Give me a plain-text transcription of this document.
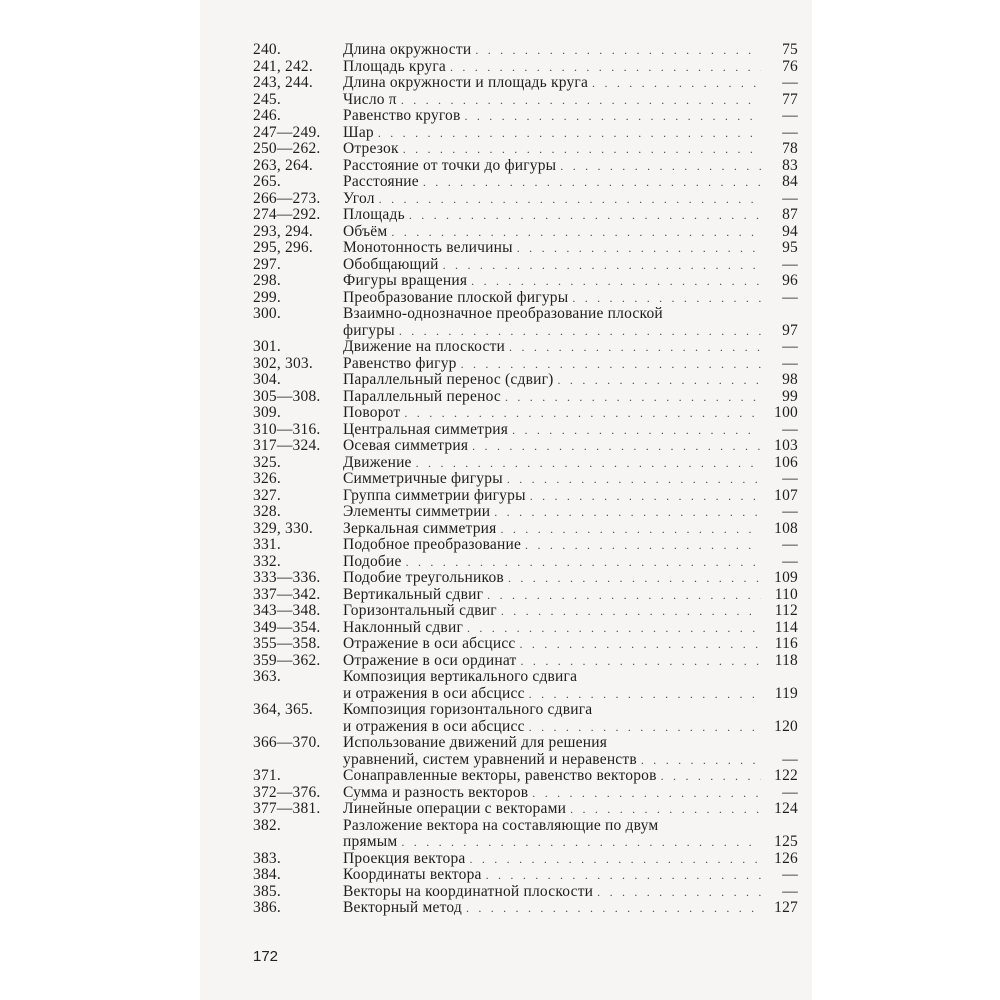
240.	Длина окружности . . .	75
241, 242.	Площадь круга . . .	76
243, 244.	Длина окружности и площадь круга . . .	—
245.	Число π . . .	77
246.	Равенство кругов . . .	—
247—249.	Шар . . .	—
250—262.	Отрезок . . .	78
263, 264.	Расстояние от точки до фигуры . . .	83
265.	Расстояние . . .	84
266—273.	Угол . . .	—
274—292.	Площадь . . .	87
293, 294.	Объём . . .	94
295, 296.	Монотонность величины . . .	95
297.	Обобщающий . . .	—
298.	Фигуры вращения . . .	96
299.	Преобразование плоской фигуры . . .	—
300.	Взаимно-однозначное преобразование плоской
фигуры . . .	97
301.	Движение на плоскости . . .	—
302, 303.	Равенство фигур . . .	—
304.	Параллельный перенос (сдвиг) . . .	98
305—308.	Параллельный перенос . . .	99
309.	Поворот . . .	100
310—316.	Центральная симметрия . . .	—
317—324.	Осевая симметрия . . .	103
325.	Движение . . .	106
326.	Симметричные фигуры . . .	—
327.	Группа симметрии фигуры . . .	107
328.	Элементы симметрии . . .	—
329, 330.	Зеркальная симметрия . . .	108
331.	Подобное преобразование . . .	—
332.	Подобие . . .	—
333—336.	Подобие треугольников . . .	109
337—342.	Вертикальный сдвиг . . .	110
343—348.	Горизонтальный сдвиг . . .	112
349—354.	Наклонный сдвиг . . .	114
355—358.	Отражение в оси абсцисс . . .	116
359—362.	Отражение в оси ординат . . .	118
363.	Композиция вертикального сдвига
и отражения в оси абсцисс . . .	119
364, 365.	Композиция горизонтального сдвига
и отражения в оси абсцисс . . .	120
366—370.	Использование движений для решения
уравнений, систем уравнений и неравенств . . .	—
371.	Сонаправленные векторы, равенство векторов . . .	122
372—376.	Сумма и разность векторов . . .	—
377—381.	Линейные операции с векторами . . .	124
382.	Разложение вектора на составляющие по двум
прямым . . .	125
383.	Проекция вектора . . .	126
384.	Координаты вектора . . .	—
385.	Векторы на координатной плоскости . . .	—
386.	Векторный метод . . .	127
172
